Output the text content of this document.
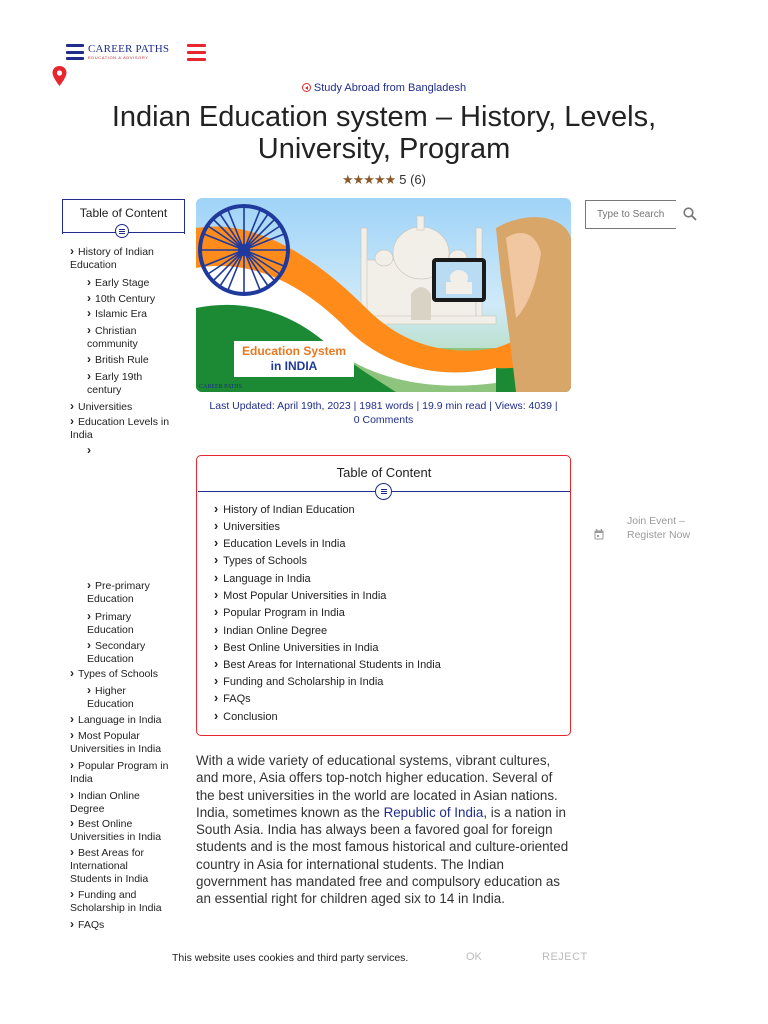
CAREER PATHS
EDUCATION & ADVISORY
Study Abroad from Bangladesh
Indian Education system – History, Levels,
University, Program
★★★★★ 5 (6)
Table of Content
› History of Indian Education
› Early Stage
› 10th Century
› Islamic Era
› Christian community
› British Rule
› Early 19th century
› Universities
› Education Levels in India
›
› Pre-primary Education
› Primary Education
› Secondary Education
› Types of Schools
› Higher Education
› Language in India
› Most Popular Universities in India
› Popular Program in India
› Indian Online Degree
› Best Online Universities in India
› Best Areas for International Students in India
› Funding and Scholarship in India
› FAQs
Education System
in INDIA
CAREER PATHS
Last Updated: April 19th, 2023 | 1981 words | 19.9 min read | Views: 4039 |
0 Comments
Table of Content
› History of Indian Education
› Universities
› Education Levels in India
› Types of Schools
› Language in India
› Most Popular Universities in India
› Popular Program in India
› Indian Online Degree
› Best Online Universities in India
› Best Areas for International Students in India
› Funding and Scholarship in India
› FAQs
› Conclusion

With a wide variety of educational systems, vibrant cultures, and more, Asia offers top-notch higher education. Several of the best universities in the world are located in Asian nations. India, sometimes known as the Republic of India, is a nation in South Asia. India has always been a favored goal for foreign students and is the most famous historical and culture-oriented country in Asia for international students. The Indian government has mandated free and compulsory education as an essential right for children aged six to 14 in India.

Type to Search
Join Event – Register Now
This website uses cookies and third party services.	OK	REJECT
